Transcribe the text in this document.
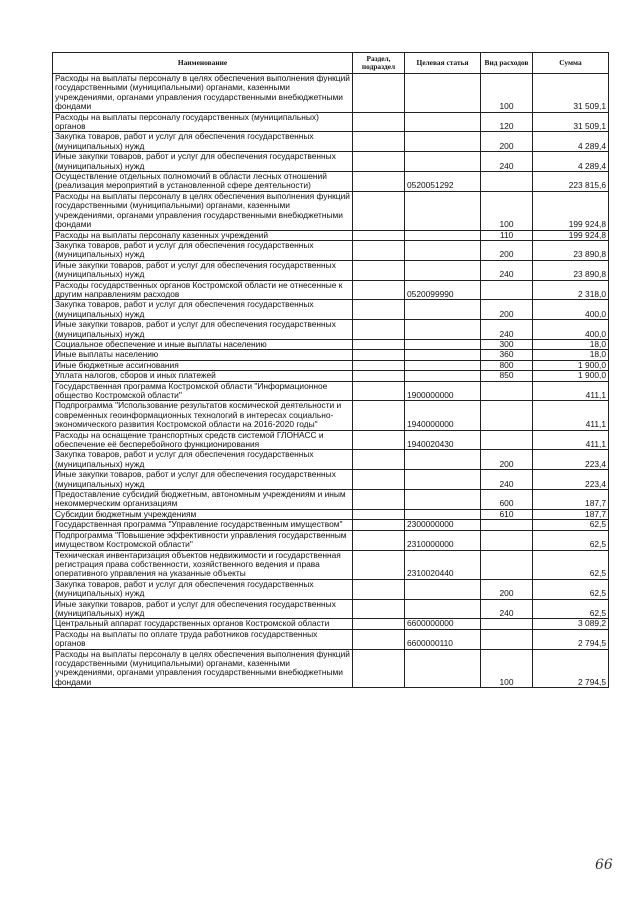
Наименование	Раздел, подраздел	Целевая статья	Вид расходов	Сумма
Расходы на выплаты персоналу в целях обеспечения выполнения функций государственными (муниципальными) органами, казенными учреждениями, органами управления государственными внебюджетными фондами			100	31 509,1
Расходы на выплаты персоналу государственных (муниципальных) органов			120	31 509,1
Закупка товаров, работ и услуг для обеспечения государственных (муниципальных) нужд			200	4 289,4
Иные закупки товаров, работ и услуг для обеспечения государственных (муниципальных) нужд			240	4 289,4
Осуществление отдельных полномочий в области лесных отношений (реализация мероприятий в установленной сфере деятельности)		0520051292		223 815,6
Расходы на выплаты персоналу в целях обеспечения выполнения функций государственными (муниципальными) органами, казенными учреждениями, органами управления государственными внебюджетными фондами			100	199 924,8
Расходы на выплаты персоналу казенных учреждений			110	199 924,8
Закупка товаров, работ и услуг для обеспечения государственных (муниципальных) нужд			200	23 890,8
Иные закупки товаров, работ и услуг для обеспечения государственных (муниципальных) нужд			240	23 890,8
Расходы государственных органов Костромской области не отнесенные к другим направлениям расходов		0520099990		2 318,0
Закупка товаров, работ и услуг для обеспечения государственных (муниципальных) нужд			200	400,0
Иные закупки товаров, работ и услуг для обеспечения государственных (муниципальных) нужд			240	400,0
Социальное обеспечение и иные выплаты населению			300	18,0
Иные выплаты населению			360	18,0
Иные бюджетные ассигнования			800	1 900,0
Уплата налогов, сборов и иных платежей			850	1 900,0
Государственная программа Костромской области "Информационное общество Костромской области"		1900000000		411,1
Подпрограмма "Использование результатов космической деятельности и современных геоинформационных технологий в интересах социально-экономического развития Костромской области на 2016-2020 годы"		1940000000		411,1
Расходы на оснащение транспортных средств системой ГЛОНАСС и обеспечение её бесперебойного функционирования		1940020430		411,1
Закупка товаров, работ и услуг для обеспечения государственных (муниципальных) нужд			200	223,4
Иные закупки товаров, работ и услуг для обеспечения государственных (муниципальных) нужд			240	223,4
Предоставление субсидий бюджетным, автономным учреждениям и иным некоммерческим организациям			600	187,7
Субсидии бюджетным учреждениям			610	187,7
Государственная программа "Управление государственным имуществом"		2300000000		62,5
Подпрограмма "Повышение эффективности управления государственным имуществом Костромской области"		2310000000		62,5
Техническая инвентаризация объектов недвижимости и государственная регистрация права собственности, хозяйственного ведения и права оперативного управления на указанные объекты		2310020440		62,5
Закупка товаров, работ и услуг для обеспечения государственных (муниципальных) нужд			200	62,5
Иные закупки товаров, работ и услуг для обеспечения государственных (муниципальных) нужд			240	62,5
Центральный аппарат государственных органов Костромской области		6600000000		3 089,2
Расходы на выплаты по оплате труда работников государственных органов		6600000110		2 794,5
Расходы на выплаты персоналу в целях обеспечения выполнения функций государственными (муниципальными) органами, казенными учреждениями, органами управления государственными внебюджетными фондами			100	2 794,5
66
